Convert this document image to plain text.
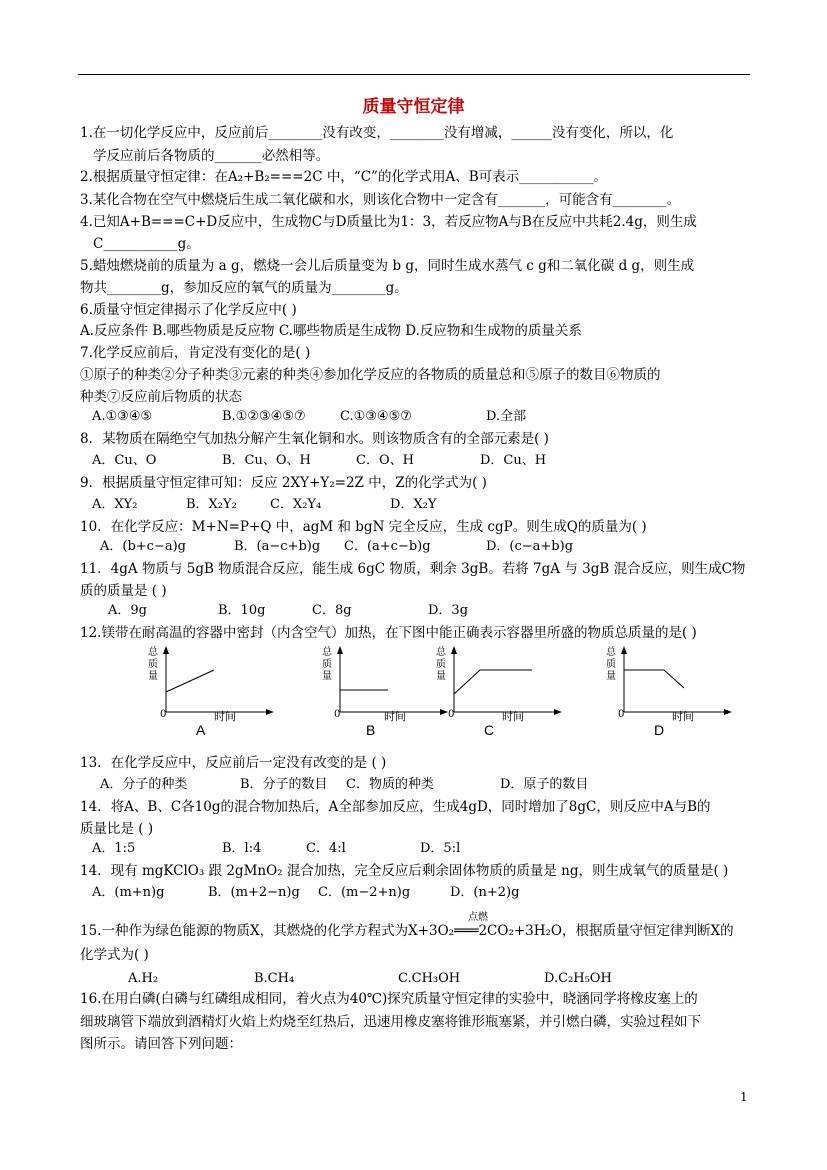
质量守恒定律
1.在一切化学反应中，反应前后________没有改变，________没有增减，______没有变化，所以，化
学反应前后各物质的_______必然相等。
2.根据质量守恒定律：在A₂+B₂===2C 中，“C”的化学式用A、B可表示___________。
3.某化合物在空气中燃烧后生成二氧化碳和水，则该化合物中一定含有_______，可能含有________。
4.已知A+B===C+D反应中，生成物C与D质量比为1：3，若反应物A与B在反应中共耗2.4g，则生成
C___________g。
5.蜡烛燃烧前的质量为 a g，燃烧一会儿后质量变为 b g，同时生成水蒸气 c g和二氧化碳 d g，则生成
物共________g，参加反应的氧气的质量为________g。
6.质量守恒定律揭示了化学反应中( )
A.反应条件 B.哪些物质是反应物 C.哪些物质是生成物 D.反应物和生成物的质量关系
7.化学反应前后，肯定没有变化的是( )
①原子的种类②分子种类③元素的种类④参加化学反应的各物质的质量总和⑤原子的数目⑥物质的
种类⑦反应前后物质的状态
8．某物质在隔绝空气加热分解产生氧化铜和水。则该物质含有的全部元素是( )
9．根据质量守恒定律可知：反应 2XY+Y₂=2Z 中，Z的化学式为( )
10．在化学反应：M+N=P+Q 中，agM 和 bgN 完全反应，生成 cgP。则生成Q的质量为( )
11．4gA 物质与 5gB 物质混合反应，能生成 6gC 物质，剩余 3gB。若将 7gA 与 3gB 混合反应，则生成C物
质的质量是 ( )
12.镁带在耐高温的容器中密封（内含空气）加热，在下图中能正确表示容器里所盛的物质总质量的是( )
13．在化学反应中，反应前后一定没有改变的是 ( )
14．将A、B、C各10g的混合物加热后，A全部参加反应，生成4gD，同时增加了8gC，则反应中A与B的
质量比是 ( )
14．现有 mgKClO₃ 跟 2gMnO₂ 混合加热，完全反应后剩余固体物质的质量是 ng，则生成氧气的质量是( )
15.一种作为绿色能源的物质X，其燃烧的化学方程式为X+3O₂═══2CO₂+3H₂O，根据质量守恒定律判断X的
化学式为( )
16.在用白磷(白磷与红磷组成相同，着火点为40℃)探究质量守恒定律的实验中，晓涵同学将橡皮塞上的
细玻璃管下端放到酒精灯火焰上灼烧至红热后，迅速用橡皮塞将锥形瓶塞紧，并引燃白磷，实验过程如下
图所示。请回答下列问题：
A.①③④⑤	B.①②③④⑤⑦	C.①③④⑤⑦	D.全部
A．Cu、O	B．Cu、O、H	C．O、H	D．Cu、H
A．XY₂	B．X₂Y₂	C．X₂Y₄	D．X₂Y
A．(b+c−a)g	B．(a−c+b)g C．(a+c−b)g	D．(c−a+b)g
A．9g	B．10g	C．8g	D．3g
A．分子的种类	B．分子的数目 C．物质的种类	D．原子的数目
A．1:5	B．l:4	C．4:l	D．5:l
A．(m+n)g	B．(m+2−n)g C．(m−2+n)g	D．(n+2)g
A.H₂	B.CH₄	C.CH₃OH	D.C₂H₅OH
点燃
总
质
量
总
质
量
总
质
量
总
质
量
0	时间	0	时间	0	时间	0	时间
A	B	C	D
1
